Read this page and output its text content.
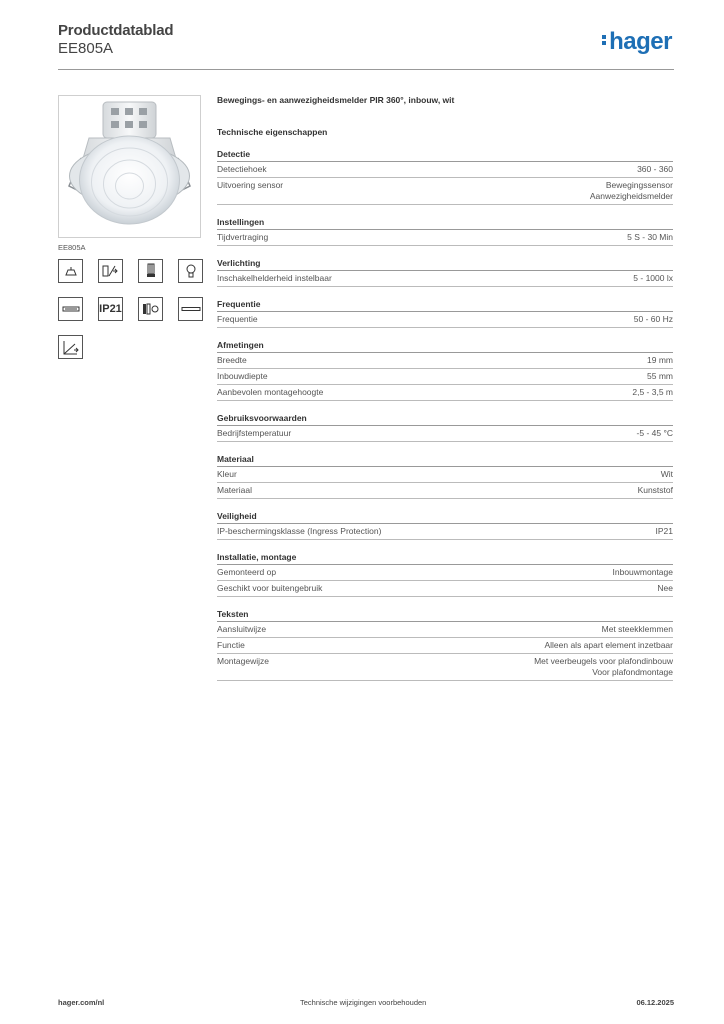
Productdatablad
EE805A	hager
EE805A
IP21
Bewegings- en aanwezigheidsmelder PIR 360°, inbouw, wit
Technische eigenschappen
Detectie
Detectiehoek	360 - 360
Uitvoering sensor	Bewegingssensor
Aanwezigheidsmelder
Instellingen
Tijdvertraging	5 S - 30 Min
Verlichting
Inschakelhelderheid instelbaar	5 - 1000 lx
Frequentie
Frequentie	50 - 60 Hz
Afmetingen
Breedte	19 mm
Inbouwdiepte	55 mm
Aanbevolen montagehoogte	2,5 - 3,5 m
Gebruiksvoorwaarden
Bedrijfstemperatuur	-5 - 45 °C
Materiaal
Kleur	Wit
Materiaal	Kunststof
Veiligheid
IP-beschermingsklasse (Ingress Protection)	IP21
Installatie, montage
Gemonteerd op	Inbouwmontage
Geschikt voor buitengebruik	Nee
Teksten
Aansluitwijze	Met steekklemmen
Functie	Alleen als apart element inzetbaar
Montagewijze	Met veerbeugels voor plafondinbouw
Voor plafondmontage
hager.com/nl	Technische wijzigingen voorbehouden	06.12.2025
